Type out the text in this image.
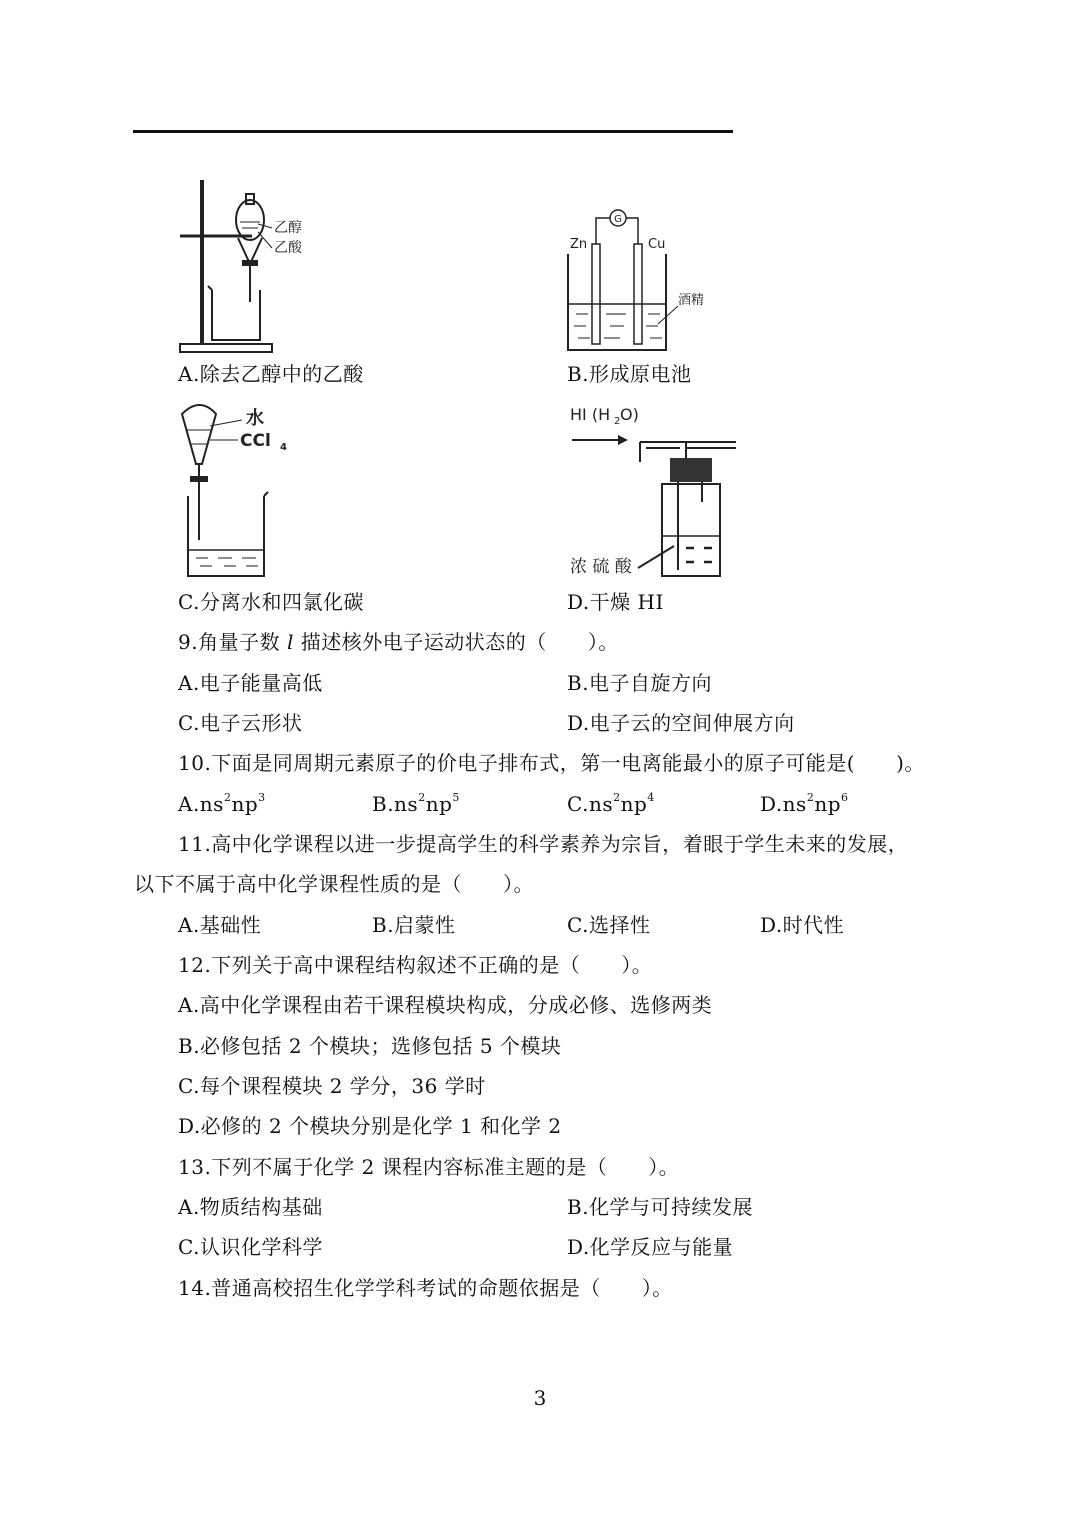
乙醇
乙酸
A.除去乙醇中的乙酸
G
Zn	Cu
酒精
B.形成原电池
水
CCl 4
C.分离水和四氯化碳
HI (H 2 O)
浓 硫 酸
D.干燥 HI
9.角量子数 l 描述核外电子运动状态的（　　）。
A.电子能量高低	B.电子自旋方向
C.电子云形状	D.电子云的空间伸展方向
10.下面是同周期元素原子的价电子排布式，第一电离能最小的原子可能是(　　)。
$A.ns^2np^3$	$B.ns^2np^5$	$C.ns^2np^4$	$D.ns^2np^6$
11.高中化学课程以进一步提高学生的科学素养为宗旨，着眼于学生未来的发展，
以下不属于高中化学课程性质的是（　　）。
A.基础性	B.启蒙性	C.选择性	D.时代性
12.下列关于高中课程结构叙述不正确的是（　　）。
A.高中化学课程由若干课程模块构成，分成必修、选修两类
B.必修包括 2 个模块；选修包括 5 个模块
C.每个课程模块 2 学分，36 学时
D.必修的 2 个模块分别是化学 1 和化学 2
13.下列不属于化学 2 课程内容标准主题的是（　　）。
A.物质结构基础	B.化学与可持续发展
C.认识化学科学	D.化学反应与能量
14.普通高校招生化学学科考试的命题依据是（　　）。
3
